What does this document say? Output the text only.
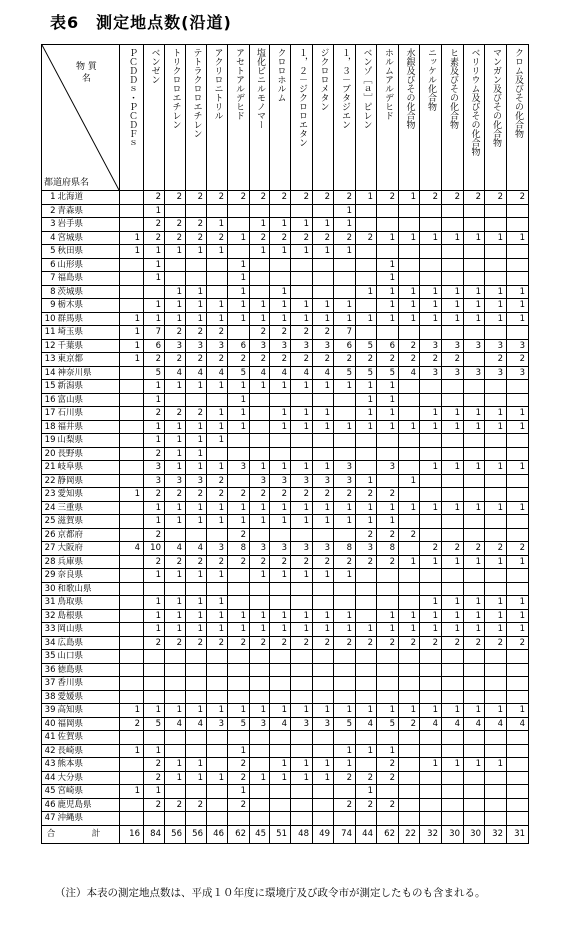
表6　測定地点数(沿道)
物 質
名
都道府県名		ＰＣＤＤｓ・ＰＣＤＦｓ	ベンゼン	トリクロロエチレン	テトラクロロエチレン	アクリロニトリル	アセトアルデヒド	塩化ビニルモノマー	クロロホルム	１，２－ジクロロエタン	ジクロロメタン	１，３－ブタジエン	ベンゾ［ａ］ピレン	ホルムアルデヒド	水銀及びその化合物	ニッケル化合物	ヒ素及びその化合物	ベリリウム及びその化合物	マンガン及びその化合物	クロム及びその化合物

1	北海道		2	2	2	2	2	2	2	2	2	2	1	2	1	2	2	2	2	2
2	青森県		1									1								
3	岩手県		2	2	2	1		1	1	1	1	1								
4	宮城県	1	2	2	2	2	1	2	2	2	2	2	2	1	1	1	1	1	1	1
5	秋田県	1	1	1	1	1		1	1	1	1	1								
6	山形県		1				1							1						
7	福島県		1				1							1						
8	茨城県			1	1		1		1				1	1	1	1	1	1	1	1
9	栃木県		1	1	1	1	1	1	1	1	1	1		1	1	1	1	1	1	1
10	群馬県	1	1	1	1	1	1	1	1	1	1	1	1	1	1	1	1	1	1	1
11	埼玉県	1	7	2	2	2		2	2	2	2	7								
12	千葉県	1	6	3	3	3	6	3	3	3	3	6	5	6	2	3	3	3	3	3
13	東京都	1	2	2	2	2	2	2	2	2	2	2	2	2	2	2	2		2	2
14	神奈川県		5	4	4	4	5	4	4	4	4	5	5	5	4	3	3	3	3	3
15	新潟県		1	1	1	1	1	1	1	1	1	1	1	1						
16	富山県		1				1						1	1						
17	石川県		2	2	2	1	1		1	1	1		1	1		1	1	1	1	1
18	福井県		1	1	1	1	1		1	1	1	1	1	1	1	1	1	1	1	1
19	山梨県		1	1	1	1														
20	長野県		2	1	1															
21	岐阜県		3	1	1	1	3	1	1	1	1	3		3		1	1	1	1	1
22	静岡県		3	3	3	2		3	3	3	3	3	1		1					
23	愛知県	1	2	2	2	2	2	2	2	2	2	2	2	2						
24	三重県		1	1	1	1	1	1	1	1	1	1	1	1	1	1	1	1	1	1
25	滋賀県		1	1	1	1	1	1	1	1	1	1	1	1						
26	京都府		2				2						2	2	2					
27	大阪府	4	10	4	4	3	8	3	3	3	3	8	3	8		2	2	2	2	2
28	兵庫県		2	2	2	2	2	2	2	2	2	2	2	2	1	1	1	1	1	1
29	奈良県		1	1	1	1		1	1	1	1	1								
30	和歌山県																			
31	鳥取県		1	1	1	1										1	1	1	1	1
32	島根県		1	1	1	1	1	1	1	1	1	1		1	1	1	1	1	1	1
33	岡山県		1	1	1	1	1	1	1	1	1	1	1	1	1	1	1	1	1	1
34	広島県		2	2	2	2	2	2	2	2	2	2	2	2	2	2	2	2	2	2
35	山口県																			
36	徳島県																			
37	香川県																			
38	愛媛県																			
39	高知県	1	1	1	1	1	1	1	1	1	1	1	1	1	1	1	1	1	1	1
40	福岡県	2	5	4	4	3	5	3	4	3	3	5	4	5	2	4	4	4	4	4
41	佐賀県																			
42	長崎県	1	1				1					1	1	1						
43	熊本県		2	1	1		2		1	1	1	1		2		1	1	1	1	
44	大分県		2	1	1	1	2	1	1	1	1	2	2	2						
45	宮崎県	1	1				1						1							
46	鹿児島県		2	2	2		2					2	2	2						
47	沖縄県																			
合　計		16	84	56	56	46	62	45	51	48	49	74	44	62	22	32	30	30	32	31
（注）本表の測定地点数は、平成１０年度に環境庁及び政令市が測定したものも含まれる。
